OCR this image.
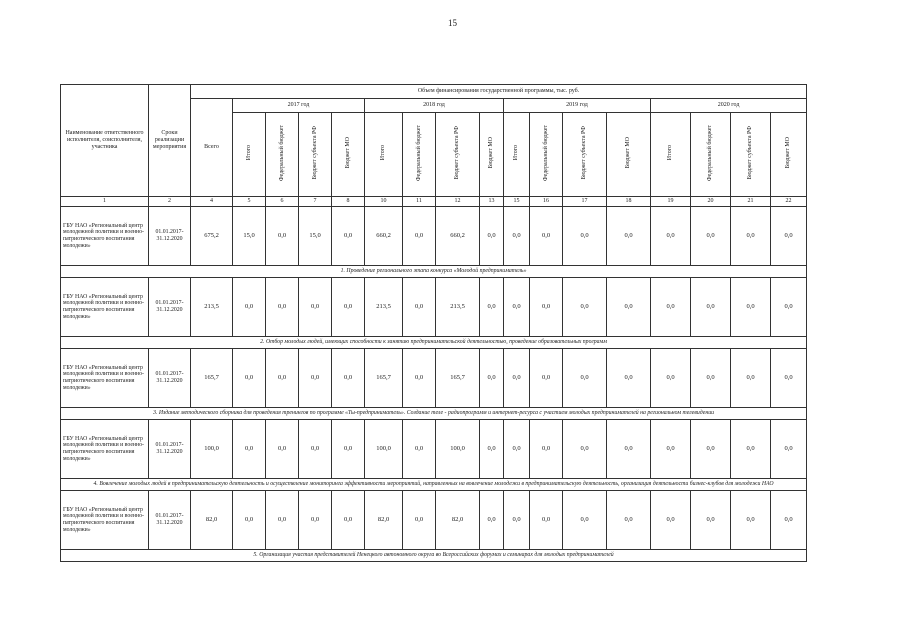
15
Наименование ответственного исполнителя, соисполнителя, участника	Сроки реализации мероприятия	Объем финансирования государственной программы, тыс. руб.																
		Всего	2017 год				2018 год				2019 год				2020 год			
			Итого	Федеральный бюджет	Бюджет субъекта РФ	Бюджет МО	Итого	Федеральный бюджет	Бюджет субъекта РФ	Бюджет МО	Итого	Федеральный бюджет	Бюджет субъекта РФ	Бюджет МО	Итого	Федеральный бюджет	Бюджет субъекта РФ	Бюджет МО
1	2	4	5	6	7	8	10	11	12	13	15	16	17	18	19	20	21	22
ГБУ НАО «Региональный центр молодежной политики и военно-патриотического воспитания молодежи»	01.01.2017-31.12.2020	675,2	15,0	0,0	15,0	0,0	660,2	0,0	660,2	0,0	0,0	0,0	0,0	0,0	0,0	0,0	0,0	0,0
1. Проведение регионального этапа конкурса «Молодой предприниматель»																		
ГБУ НАО «Региональный центр молодежной политики и военно-патриотического воспитания молодежи»	01.01.2017-31.12.2020	213,5	0,0	0,0	0,0	0,0	213,5	0,0	213,5	0,0	0,0	0,0	0,0	0,0	0,0	0,0	0,0	0,0
2. Отбор молодых людей, имеющих способности к занятию предпринимательской деятельностью, проведение образовательных программ																		
ГБУ НАО «Региональный центр молодежной политики и военно-патриотического воспитания молодежи»	01.01.2017-31.12.2020	165,7	0,0	0,0	0,0	0,0	165,7	0,0	165,7	0,0	0,0	0,0	0,0	0,0	0,0	0,0	0,0	0,0
3. Издание методического сборника для проведения тренингов по программе «Ты-предприниматель». Создание теле - радиопрограмм и интернет-ресурса с участием молодых предпринимателей на региональном телевидении																		
ГБУ НАО «Региональный центр молодежной политики и военно-патриотического воспитания молодежи»	01.01.2017-31.12.2020	100,0	0,0	0,0	0,0	0,0	100,0	0,0	100,0	0,0	0,0	0,0	0,0	0,0	0,0	0,0	0,0	0,0
4. Вовлечение молодых людей в предпринимательскую деятельность и осуществление мониторинга эффективности мероприятий, направленных на вовлечение молодежи в предпринимательскую деятельность, организация деятельности бизнес-клубов для молодежи НАО																		
ГБУ НАО «Региональный центр молодежной политики и военно-патриотического воспитания молодежи»	01.01.2017-31.12.2020	82,0	0,0	0,0	0,0	0,0	82,0	0,0	82,0	0,0	0,0	0,0	0,0	0,0	0,0	0,0	0,0	0,0
5. Организация участия представителей Ненецкого автономного округа во Всероссийских форумах и семинарах для молодых предпринимателей																		
